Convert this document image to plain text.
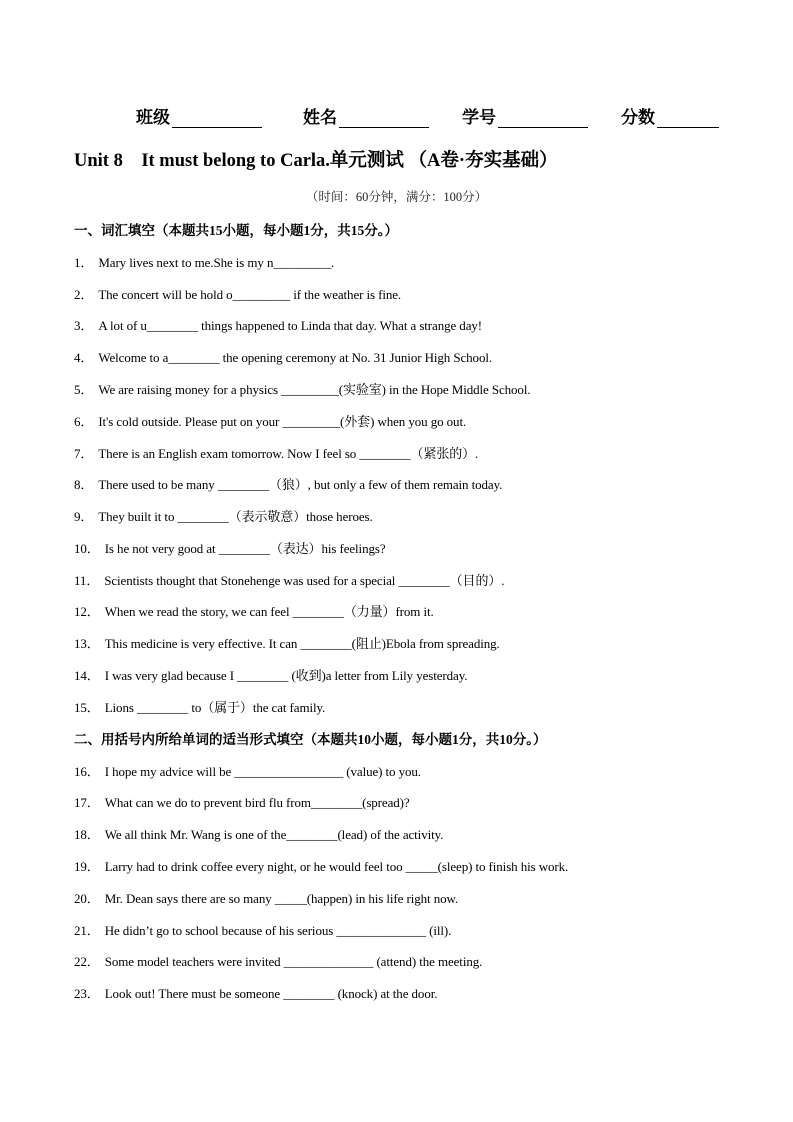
班级	姓名	学号	分数
Unit 8　It must belong to Carla.单元测试 （A卷·夯实基础）
（时间：60分钟，满分：100分）
一、词汇填空（本题共15小题，每小题1分，共15分。）
1． Mary lives next to me.She is my n_________.
2． The concert will be hold o_________ if the weather is fine.
3． A lot of u________ things happened to Linda that day. What a strange day!
4． Welcome to a________ the opening ceremony at No. 31 Junior High School.
5． We are raising money for a physics _________(实验室) in the Hope Middle School.
6． It's cold outside. Please put on your _________(外套) when you go out.
7． There is an English exam tomorrow. Now I feel so ________（紧张的）.
8． There used to be many ________（狼）, but only a few of them remain today.
9． They built it to ________（表示敬意）those heroes.
10． Is he not very good at ________（表达）his feelings?
11． Scientists thought that Stonehenge was used for a special ________（目的）.
12． When we read the story, we can feel ________（力量）from it.
13． This medicine is very effective. It can ________(阻止)Ebola from spreading.
14． I was very glad because I ________ (收到)a letter from Lily yesterday.
15． Lions ________ to（属于）the cat family.
二、用括号内所给单词的适当形式填空（本题共10小题，每小题1分，共10分。）
16． I hope my advice will be _________________ (value) to you.
17． What can we do to prevent bird flu from________(spread)?
18． We all think Mr. Wang is one of the________(lead) of the activity.
19． Larry had to drink coffee every night, or he would feel too _____(sleep) to finish his work.
20． Mr. Dean says there are so many _____(happen) in his life right now.
21． He didn’t go to school because of his serious ______________ (ill).
22． Some model teachers were invited ______________ (attend) the meeting.
23． Look out! There must be someone ________ (knock) at the door.
